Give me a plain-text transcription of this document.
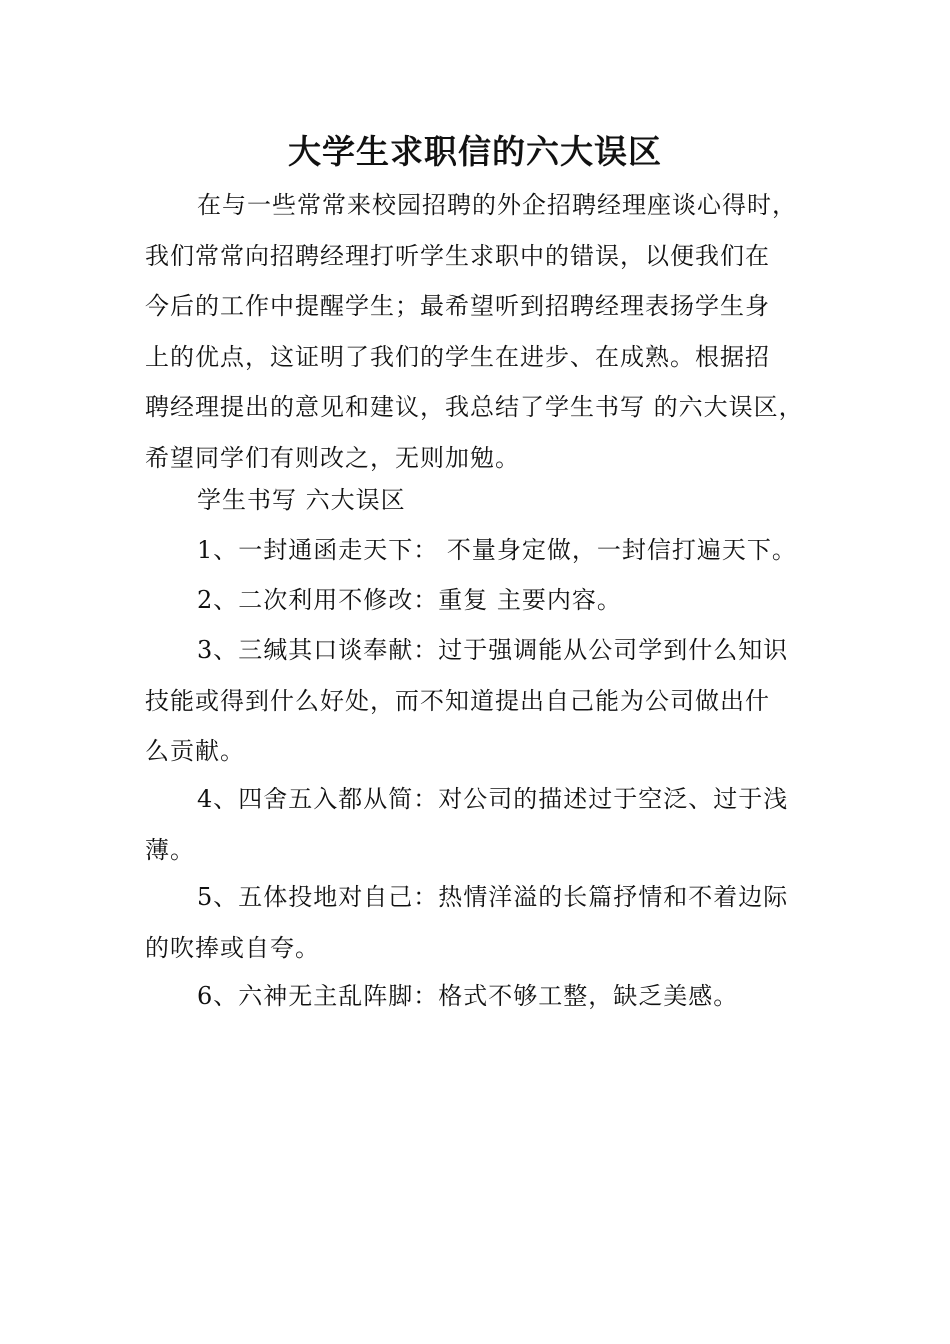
大学生求职信的六大误区
在与一些常常来校园招聘的外企招聘经理座谈心得时，
我们常常向招聘经理打听学生求职中的错误，以便我们在
今后的工作中提醒学生；最希望听到招聘经理表扬学生身
上的优点，这证明了我们的学生在进步、在成熟。根据招
聘经理提出的意见和建议，我总结了学生书写 的六大误区，
希望同学们有则改之，无则加勉。
学生书写 六大误区
1、一封通函走天下： 不量身定做，一封信打遍天下。
2、二次利用不修改：重复 主要内容。
3、三缄其口谈奉献：过于强调能从公司学到什么知识
技能或得到什么好处，而不知道提出自己能为公司做出什
么贡献。
4、四舍五入都从简：对公司的描述过于空泛、过于浅
薄。
5、五体投地对自己：热情洋溢的长篇抒情和不着边际
的吹捧或自夸。
6、六神无主乱阵脚：格式不够工整，缺乏美感。
